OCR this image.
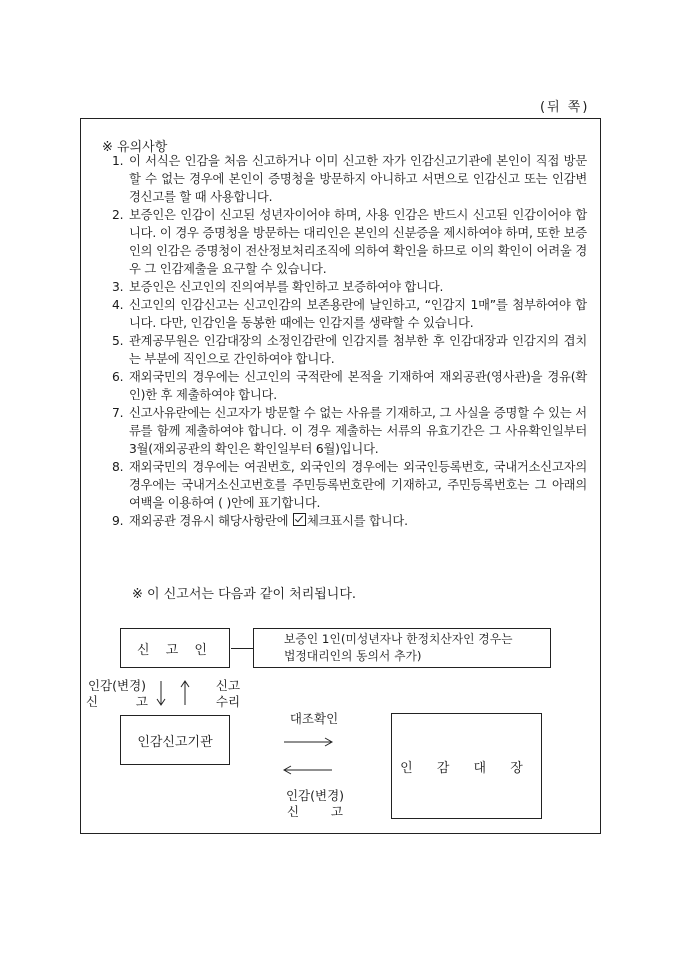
(뒤 쪽)
※ 유의사항
1. 이 서식은 인감을 처음 신고하거나 이미 신고한 자가 인감신고기관에 본인이 직접 방문할 수 없는 경우에 본인이 증명청을 방문하지 아니하고 서면으로 인감신고 또는 인감변경신고를 할 때 사용합니다.
2. 보증인은 인감이 신고된 성년자이어야 하며, 사용 인감은 반드시 신고된 인감이어야 합니다. 이 경우 증명청을 방문하는 대리인은 본인의 신분증을 제시하여야 하며, 또한 보증인의 인감은 증명청이 전산정보처리조직에 의하여 확인을 하므로 이의 확인이 어려울 경우 그 인감제출을 요구할 수 있습니다.
3. 보증인은 신고인의 진의여부를 확인하고 보증하여야 합니다.
4. 신고인의 인감신고는 신고인감의 보존용란에 날인하고, “인감지 1매”를 첨부하여야 합니다. 다만, 인감인을 동봉한 때에는 인감지를 생략할 수 있습니다.
5. 관계공무원은 인감대장의 소정인감란에 인감지를 첨부한 후 인감대장과 인감지의 겹치는 부분에 직인으로 간인하여야 합니다.
6. 재외국민의 경우에는 신고인의 국적란에 본적을 기재하여 재외공관(영사관)을 경유(확인)한 후 제출하여야 합니다.
7. 신고사유란에는 신고자가 방문할 수 없는 사유를 기재하고, 그 사실을 증명할 수 있는 서류를 함께 제출하여야 합니다. 이 경우 제출하는 서류의 유효기간은 그 사유확인일부터 3월(재외공관의 확인은 확인일부터 6월)입니다.
8. 재외국민의 경우에는 여권번호, 외국인의 경우에는 외국인등록번호, 국내거소신고자의 경우에는 국내거소신고번호를 주민등록번호란에 기재하고, 주민등록번호는 그 아래의 여백을 이용하여 ( )안에 표기합니다.
9. 재외공관 경유시 해당사항란에 체크표시를 합니다.
※ 이 신고서는 다음과 같이 처리됩니다.
신 고 인
보증인 1인(미성년자나 한정치산자인 경우는
법정대리인의 동의서 추가)
인감(변경)
신	고
신고
수리
인감신고기관
대조확인
인감(변경)
신	고
인 감 대 장
